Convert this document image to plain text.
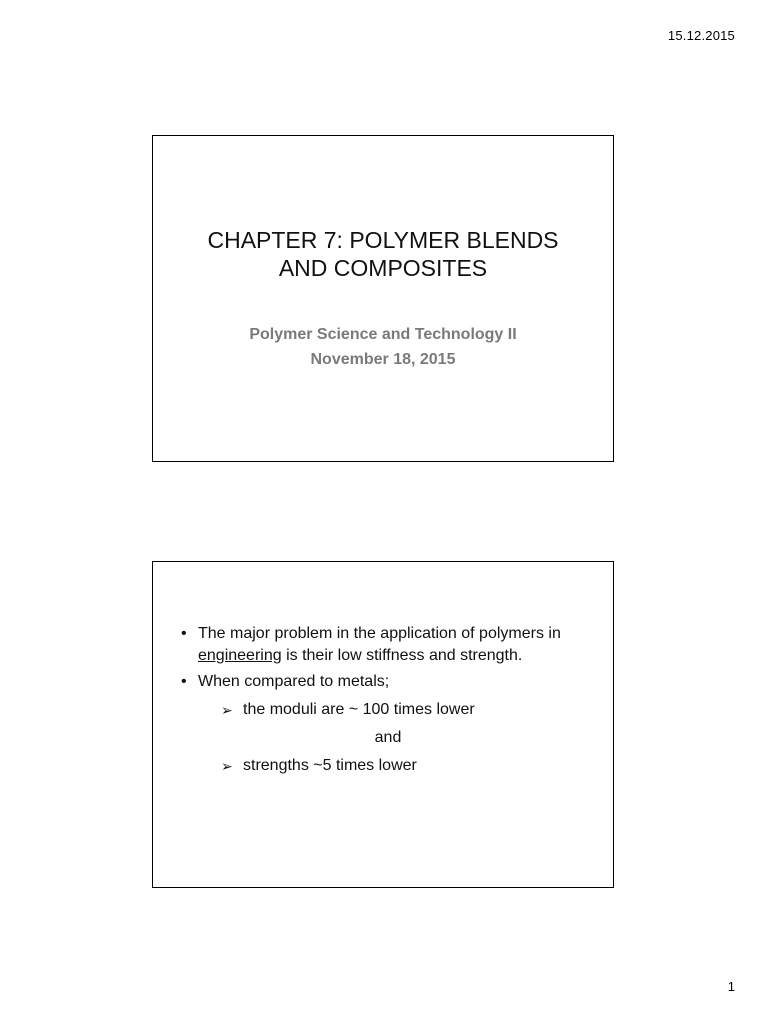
15.12.2015
CHAPTER 7: POLYMER BLENDS
AND COMPOSITES
Polymer Science and Technology II
November 18, 2015
• The major problem in the application of polymers in engineering is their low stiffness and strength.
• When compared to metals;
➢ the moduli are ~ 100 times lower
and
➢ strengths ~5 times lower
1
